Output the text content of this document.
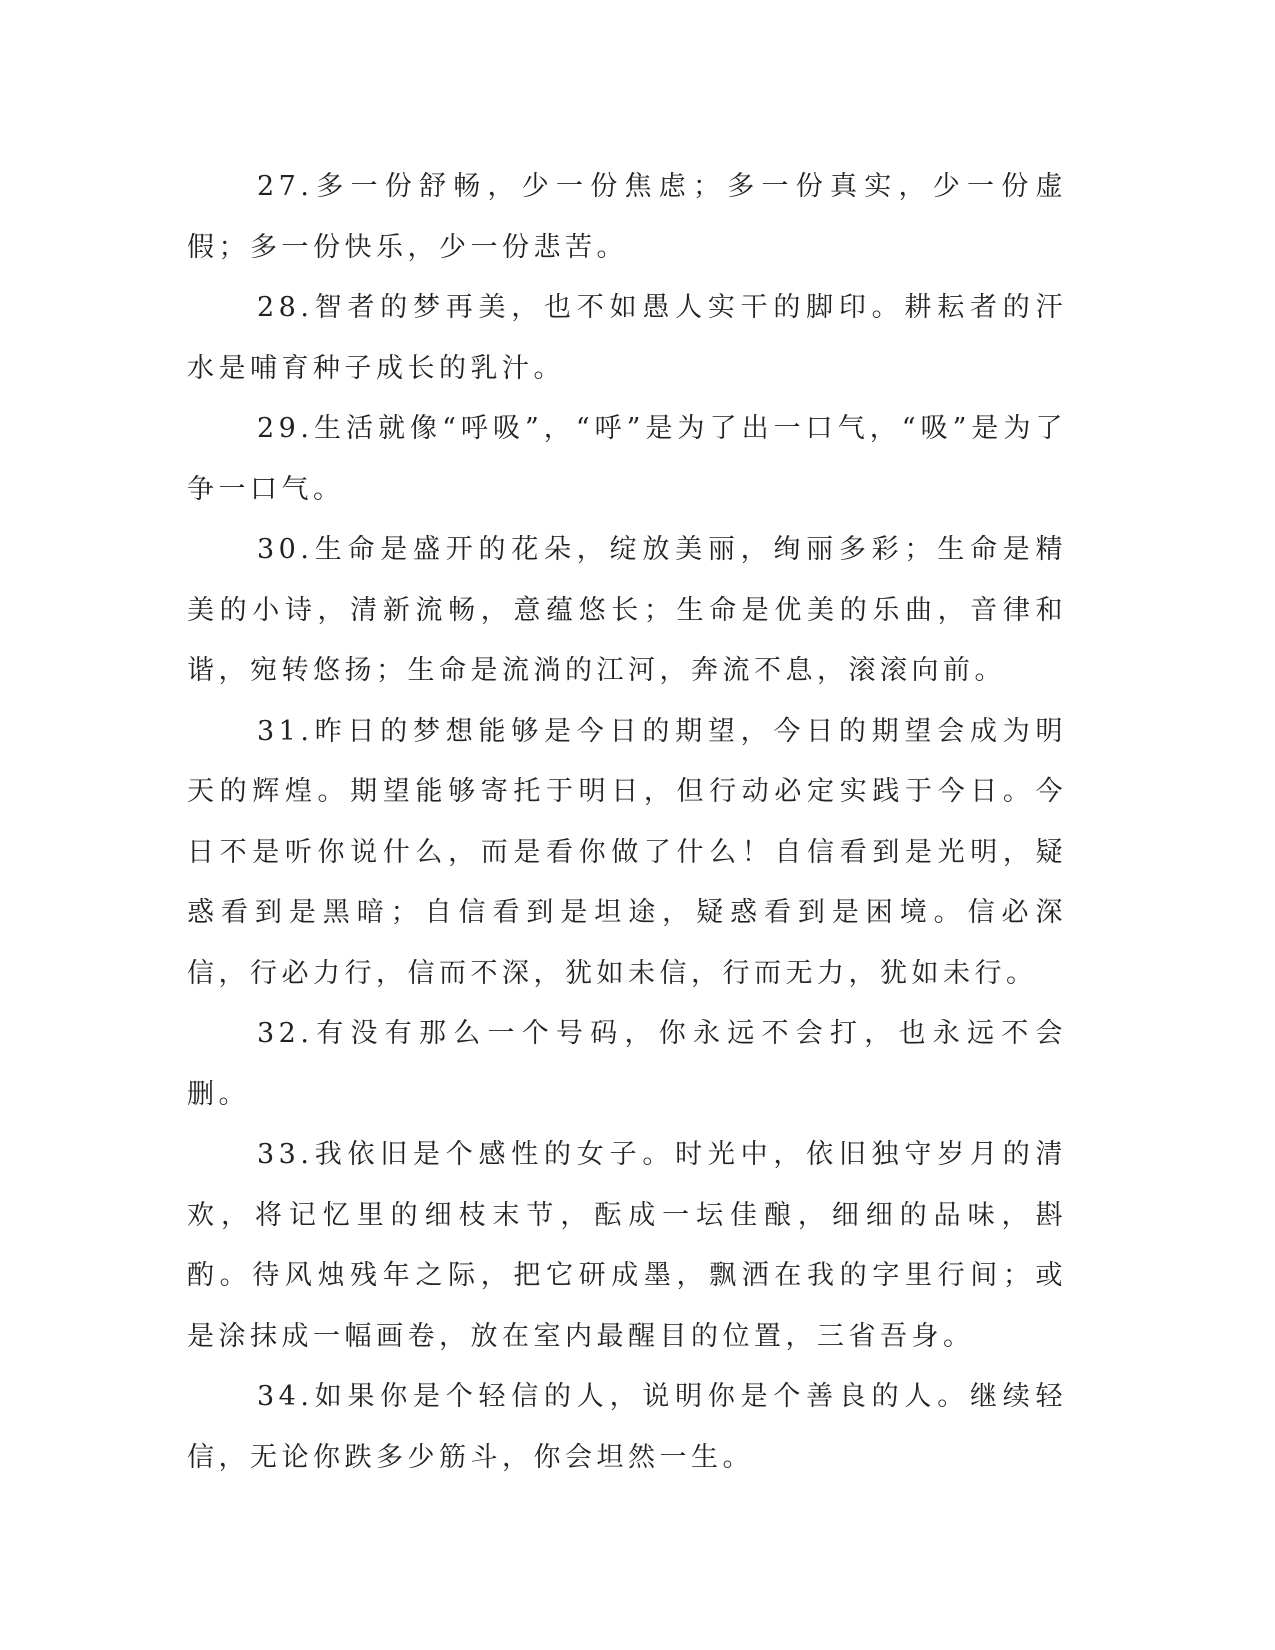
27.多一份舒畅，少一份焦虑；多一份真实，少一份虚假；多一份快乐，少一份悲苦。

28.智者的梦再美，也不如愚人实干的脚印。耕耘者的汗水是哺育种子成长的乳汁。

29.生活就像“呼吸”，“呼”是为了出一口气，“吸”是为了争一口气。

30.生命是盛开的花朵，绽放美丽，绚丽多彩；生命是精美的小诗，清新流畅，意蕴悠长；生命是优美的乐曲，音律和谐，宛转悠扬；生命是流淌的江河，奔流不息，滚滚向前。

31.昨日的梦想能够是今日的期望，今日的期望会成为明天的辉煌。期望能够寄托于明日，但行动必定实践于今日。今日不是听你说什么，而是看你做了什么！自信看到是光明，疑惑看到是黑暗；自信看到是坦途，疑惑看到是困境。信必深信，行必力行，信而不深，犹如未信，行而无力，犹如未行。

32.有没有那么一个号码，你永远不会打，也永远不会删。

33.我依旧是个感性的女子。时光中，依旧独守岁月的清欢，将记忆里的细枝末节，酝成一坛佳酿，细细的品味，斟酌。待风烛残年之际，把它研成墨，飘洒在我的字里行间；或是涂抹成一幅画卷，放在室内最醒目的位置，三省吾身。

34.如果你是个轻信的人，说明你是个善良的人。继续轻信，无论你跌多少筋斗，你会坦然一生。
